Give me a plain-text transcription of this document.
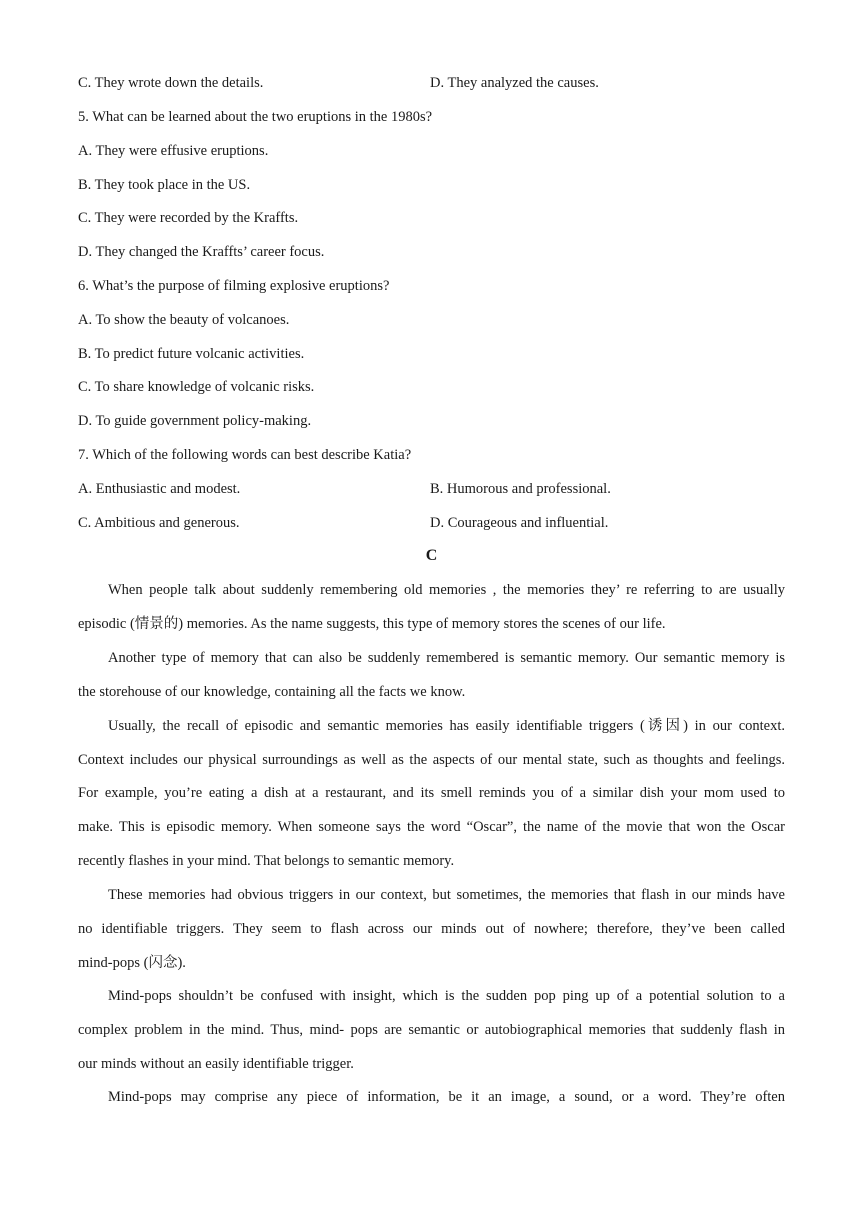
C. They wrote down the details.	D. They analyzed the causes.
5. What can be learned about the two eruptions in the 1980s?
A. They were effusive eruptions.
B. They took place in the US.
C. They were recorded by the Kraffts.
D. They changed the Kraffts’ career focus.
6. What’s the purpose of filming explosive eruptions?
A. To show the beauty of volcanoes.
B. To predict future volcanic activities.
C. To share knowledge of volcanic risks.
D. To guide government policy-making.
7. Which of the following words can best describe Katia?
A. Enthusiastic and modest.	B. Humorous and professional.
C. Ambitious and generous.	D. Courageous and influential.
C
When people talk about suddenly remembering old memories , the memories they’ re referring to are usually
episodic (情景的) memories. As the name suggests, this type of memory stores the scenes of our life.
Another type of memory that can also be suddenly remembered is semantic memory. Our semantic memory is
the storehouse of our knowledge, containing all the facts we know.
Usually, the recall of episodic and semantic memories has easily identifiable triggers (诱因) in our context.
Context includes our physical surroundings as well as the aspects of our mental state, such as thoughts and feelings.
For example, you’re eating a dish at a restaurant, and its smell reminds you of a similar dish your mom used to
make. This is episodic memory. When someone says the word “Oscar”, the name of the movie that won the Oscar
recently flashes in your mind. That belongs to semantic memory.
These memories had obvious triggers in our context, but sometimes, the memories that flash in our minds have
no identifiable triggers. They seem to flash across our minds out of nowhere; therefore, they’ve been called
mind-pops (闪念).
Mind-pops shouldn’t be confused with insight, which is the sudden pop ping up of a potential solution to a
complex problem in the mind. Thus, mind- pops are semantic or autobiographical memories that suddenly flash in
our minds without an easily identifiable trigger.
Mind-pops may comprise any piece of information, be it an image, a sound, or a word. They’re often
